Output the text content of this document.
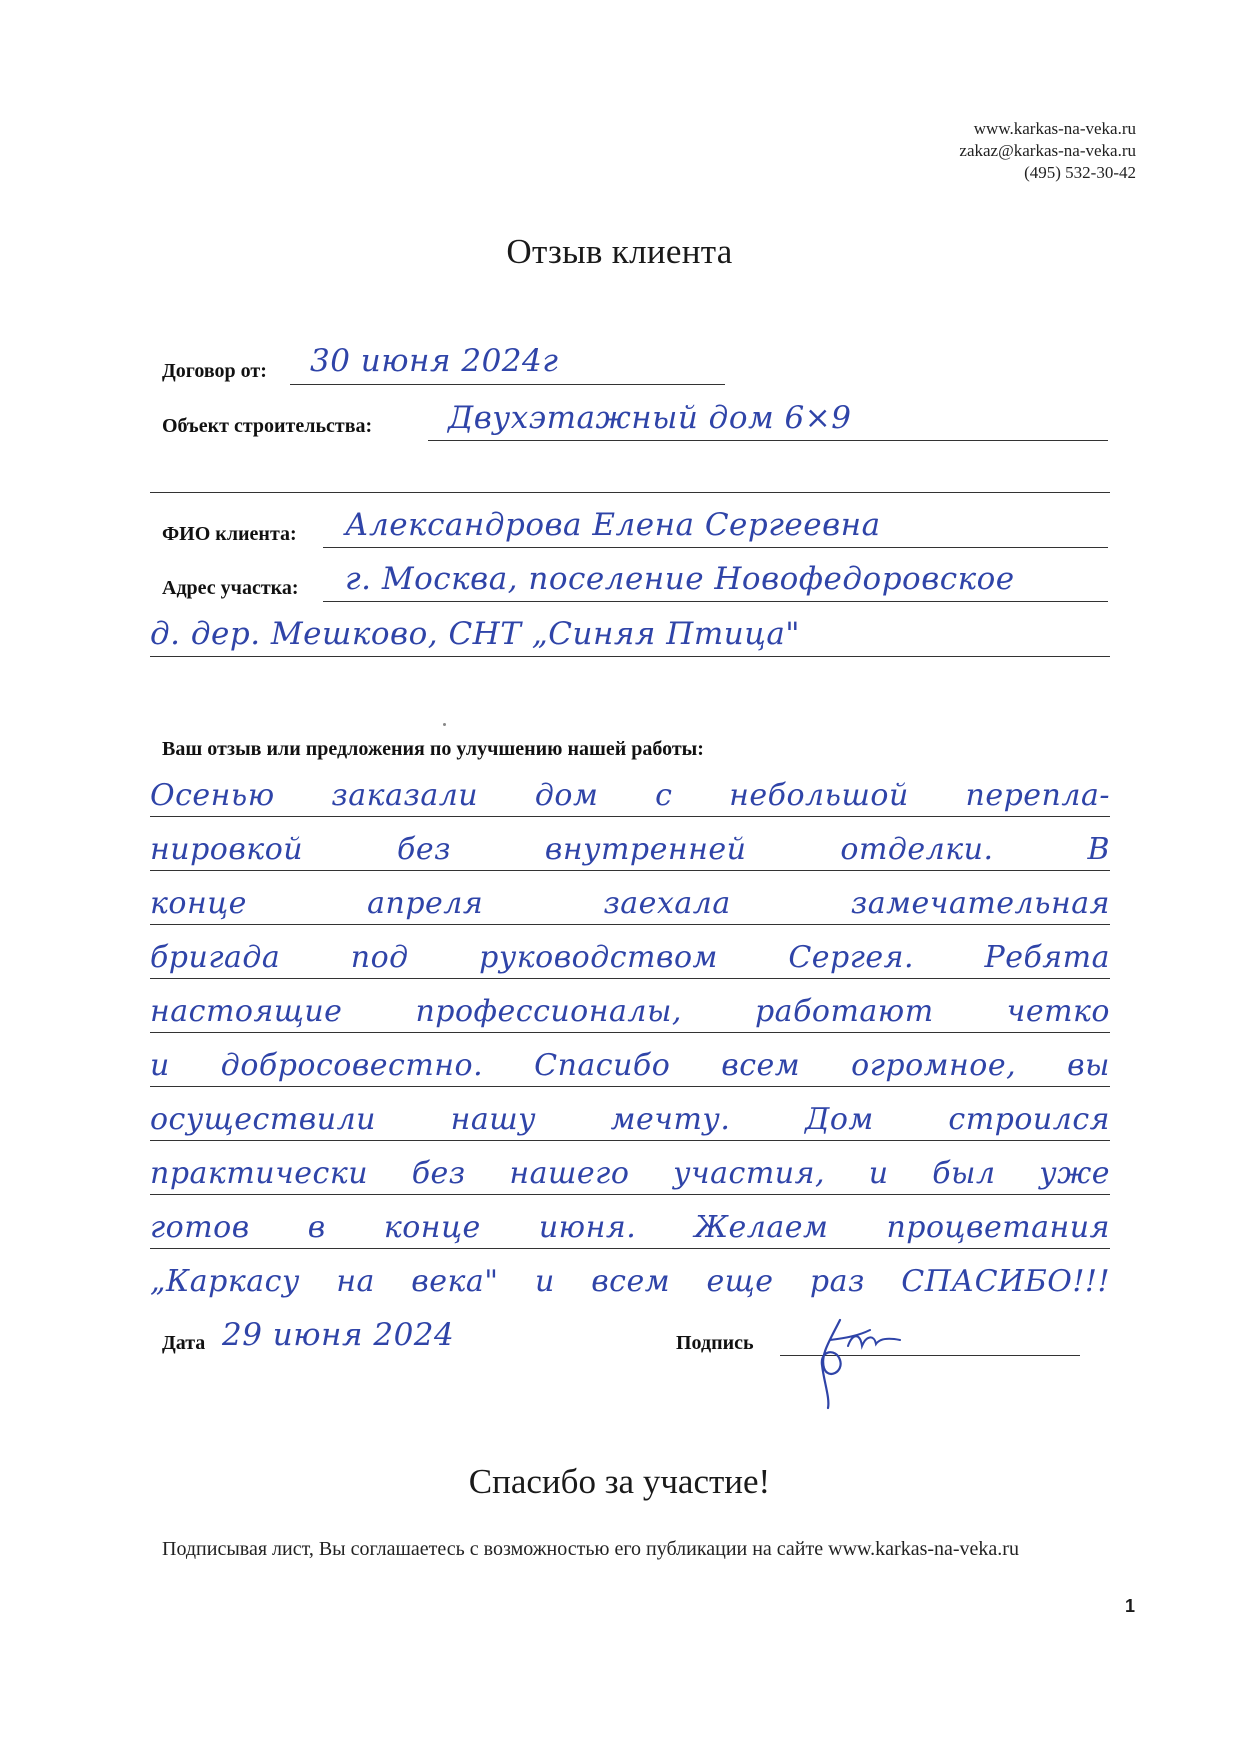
www.karkas-na-veka.ru
zakaz@karkas-na-veka.ru
(495) 532-30-42
Отзыв клиента
Договор от: 30 июня 2024г
Объект строительства: Двухэтажный дом 6×9
ФИО клиента: Александрова Елена Сергеевна
Адрес участка: г. Москва, поселение Новофедоровское
д. дер. Мешково, СНТ „Синяя Птица"
Ваш отзыв или предложения по улучшению нашей работы:
Осенью заказали дом с небольшой перепла-
нировкой без внутренней отделки. В
конце апреля заехала замечательная
бригада под руководством Сергея. Ребята
настоящие профессионалы, работают четко
и добросовестно. Спасибо всем огромное, вы
осуществили нашу мечту. Дом строился
практически без нашего участия, и был уже
готов в конце июня. Желаем процветания
„Каркасу на века" и всем еще раз СПАСИБО!!!
Дата 29 июня 2024	Подпись
Спасибо за участие!
Подписывая лист, Вы соглашаетесь с возможностью его публикации на сайте www.karkas-na-veka.ru
1
